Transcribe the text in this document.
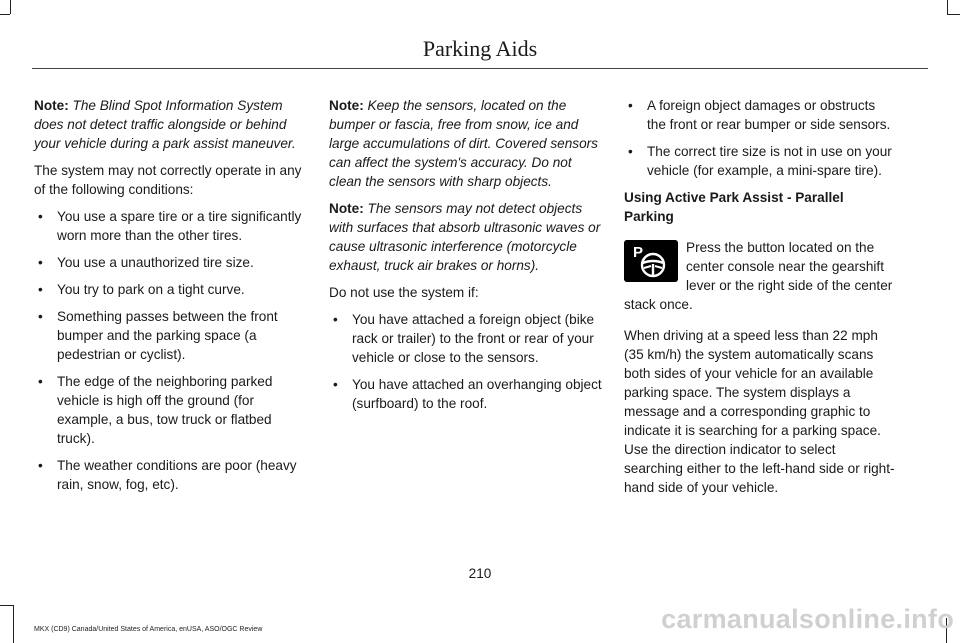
Parking Aids

Note: The Blind Spot Information System does not detect traffic alongside or behind your vehicle during a park assist maneuver.

The system may not correctly operate in any of the following conditions:

• You use a spare tire or a tire significantly worn more than the other tires.
• You use a unauthorized tire size.
• You try to park on a tight curve.
• Something passes between the front bumper and the parking space (a pedestrian or cyclist).
• The edge of the neighboring parked vehicle is high off the ground (for example, a bus, tow truck or flatbed truck).
• The weather conditions are poor (heavy rain, snow, fog, etc).

Note: Keep the sensors, located on the bumper or fascia, free from snow, ice and large accumulations of dirt. Covered sensors can affect the system's accuracy. Do not clean the sensors with sharp objects.

Note: The sensors may not detect objects with surfaces that absorb ultrasonic waves or cause ultrasonic interference (motorcycle exhaust, truck air brakes or horns).

Do not use the system if:

• You have attached a foreign object (bike rack or trailer) to the front or rear of your vehicle or close to the sensors.
• You have attached an overhanging object (surfboard) to the roof.
• A foreign object damages or obstructs the front or rear bumper or side sensors.
• The correct tire size is not in use on your vehicle (for example, a mini-spare tire).

Using Active Park Assist - Parallel Parking

P	Press the button located on the center console near the gearshift lever or the right side of the center stack once.

When driving at a speed less than 22 mph (35 km/h) the system automatically scans both sides of your vehicle for an available parking space. The system displays a message and a corresponding graphic to indicate it is searching for a parking space. Use the direction indicator to select searching either to the left-hand side or right-hand side of your vehicle.

210

MKX (CD9) Canada/United States of America, enUSA, ASO/OGC Review	carmanualsonline.info
